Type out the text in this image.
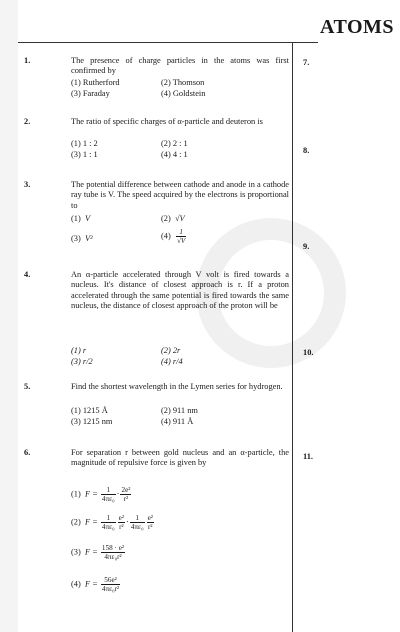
ATOMS
7.
8.
9.
10.
11.
1.	The presence of charge particles in the atoms was first confirmed by
(1) Rutherford	(2) Thomson
(3) Faraday	(4) Goldstein
2.	The ratio of specific charges of α-particle and deuteron is
(1) 1 : 2	(2) 2 : 1
(3) 1 : 1	(4) 4 : 1
3.	The potential difference between cathode and anode in a cathode ray tube is V. The speed acquired by the electrons is proportional to
(1) V	(2) √V
(3) V²	$(4) \frac{1}{√V}$
4.	An α-particle accelerated through V volt is fired towards a nucleus. It's distance of closest approach is r. If a proton accelerated through the same potential is fired towards the same nucleus, the distance of closest approach of the proton will be
(1) r	(2) 2r
(3) r/2	(4) r/4
5.	Find the shortest wavelength in the Lymen series for hydrogen.
(1) 1215 Å	(2) 911 nm
(3) 1215 nm	(4) 911 Å
6.	For separation r between gold nucleus and an α-particle, the magnitude of repulsive force is given by
(1) $F = \frac{1}{\text{4πε₀}} \cdot \frac{\text{2e²}}{\text{r²}}$
(2) $F = \frac{1}{\text{4πε₀}} \frac{\text{e²}}{\text{r²}} \cdot \frac{1}{\text{4πε₀}} \frac{\text{e²}}{\text{r²}}$
(3) $F = \frac{\text{158 · e²}}{\text{4πε₀r²}}$
(4) $F = \frac{\text{56e²}}{\text{4πε₀r²}}$
